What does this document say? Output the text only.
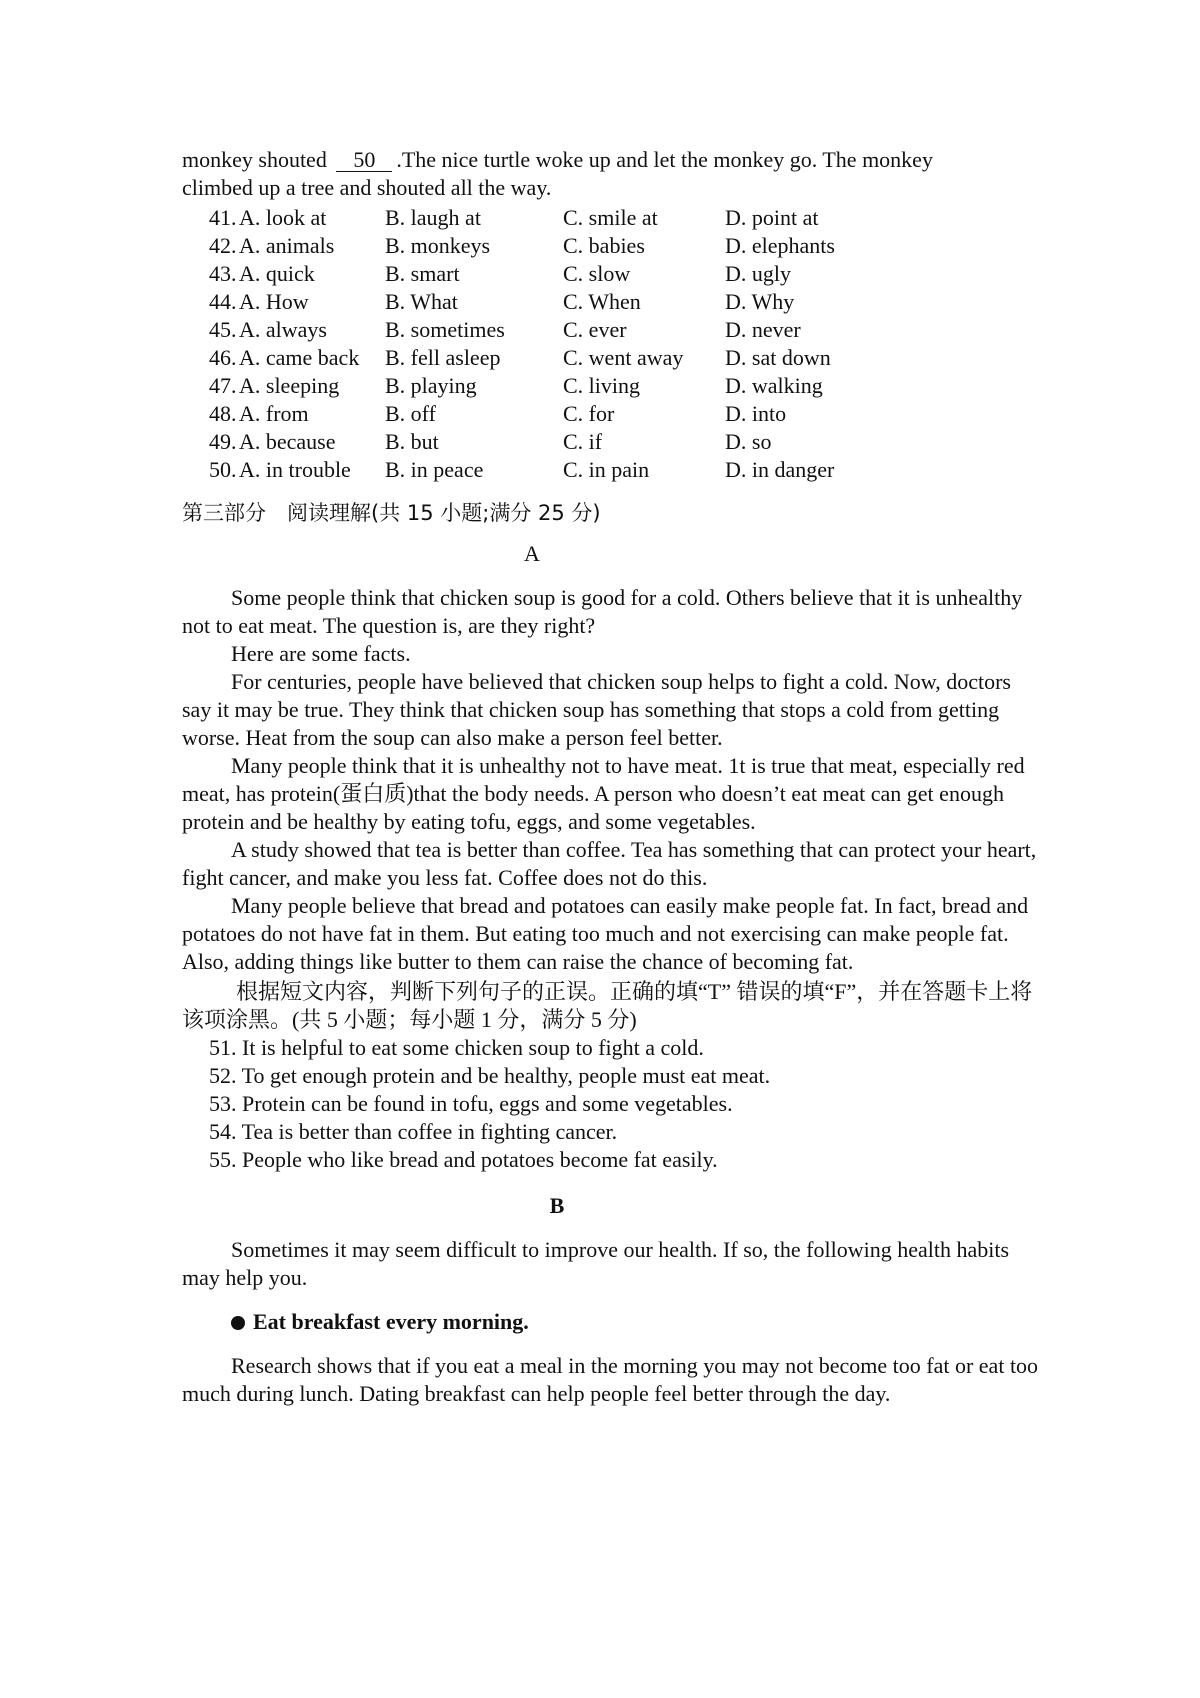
monkey shouted 50 .The nice turtle woke up and let the monkey go. The monkey

climbed up a tree and shouted all the way.

41. A. look at	B. laugh at	C. smile at	D. point at
42. A. animals	B. monkeys	C. babies	D. elephants
43. A. quick	B. smart	C. slow	D. ugly
44. A. How	B. What	C. When	D. Why
45. A. always	B. sometimes	C. ever	D. never
46. A. came back	B. fell asleep	C. went away	D. sat down
47. A. sleeping	B. playing	C. living	D. walking
48. A. from	B. off	C. for	D. into
49. A. because	B. but	C. if	D. so
50. A. in trouble	B. in peace	C. in pain	D. in danger
第三部分　阅读理解(共 15 小题;满分 25 分)
A

Some people think that chicken soup is good for a cold. Others believe that it is unhealthy not to eat meat. The question is, are they right?

Here are some facts.

For centuries, people have believed that chicken soup helps to fight a cold. Now, doctors say it may be true. They think that chicken soup has something that stops a cold from getting worse. Heat from the soup can also make a person feel better.

Many people think that it is unhealthy not to have meat. 1t is true that meat, especially red meat, has protein(蛋白质)that the body needs. A person who doesn’t eat meat can get enough protein and be healthy by eating tofu, eggs, and some vegetables.

A study showed that tea is better than coffee. Tea has something that can protect your heart, fight cancer, and make you less fat. Coffee does not do this.

Many people believe that bread and potatoes can easily make people fat. In fact, bread and potatoes do not have fat in them. But eating too much and not exercising can make people fat. Also, adding things like butter to them can raise the chance of becoming fat.

根据短文内容，判断下列句子的正误。正确的填“T” 错误的填“F”，并在答题卡上将该项涂黑。(共 5 小题；每小题 1 分，满分 5 分)

51. It is helpful to eat some chicken soup to fight a cold.

52. To get enough protein and be healthy, people must eat meat.

53. Protein can be found in tofu, eggs and some vegetables.

54. Tea is better than coffee in fighting cancer.

55. People who like bread and potatoes become fat easily.

B

Sometimes it may seem difficult to improve our health. If so, the following health habits may help you.

Eat breakfast every morning.

Research shows that if you eat a meal in the morning you may not become too fat or eat too much during lunch. Dating breakfast can help people feel better through the day.
